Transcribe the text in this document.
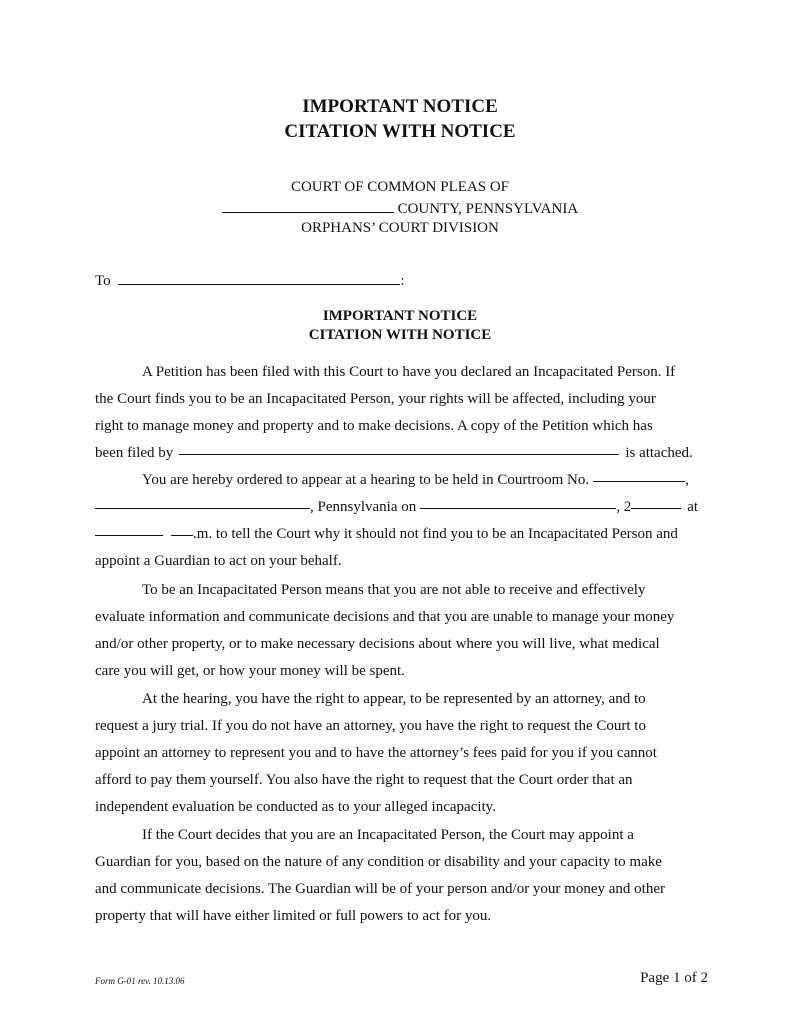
IMPORTANT NOTICE
CITATION WITH NOTICE
COURT OF COMMON PLEAS OF
COUNTY, PENNSYLVANIA
ORPHANS’ COURT DIVISION
To	:
IMPORTANT NOTICE
CITATION WITH NOTICE
A Petition has been filed with this Court to have you declared an Incapacitated Person. If
the Court finds you to be an Incapacitated Person, your rights will be affected, including your
right to manage money and property and to make decisions. A copy of the Petition which has
been filed by	is attached.
You are hereby ordered to appear at a hearing to be held in Courtroom No.	,
, Pennsylvania on	, 2	at
.m. to tell the Court why it should not find you to be an Incapacitated Person and
appoint a Guardian to act on your behalf.
To be an Incapacitated Person means that you are not able to receive and effectively
evaluate information and communicate decisions and that you are unable to manage your money
and/or other property, or to make necessary decisions about where you will live, what medical
care you will get, or how your money will be spent.
At the hearing, you have the right to appear, to be represented by an attorney, and to
request a jury trial. If you do not have an attorney, you have the right to request the Court to
appoint an attorney to represent you and to have the attorney’s fees paid for you if you cannot
afford to pay them yourself. You also have the right to request that the Court order that an
independent evaluation be conducted as to your alleged incapacity.
If the Court decides that you are an Incapacitated Person, the Court may appoint a
Guardian for you, based on the nature of any condition or disability and your capacity to make
and communicate decisions. The Guardian will be of your person and/or your money and other
property that will have either limited or full powers to act for you.
Form G-01 rev. 10.13.06	Page 1 of 2
